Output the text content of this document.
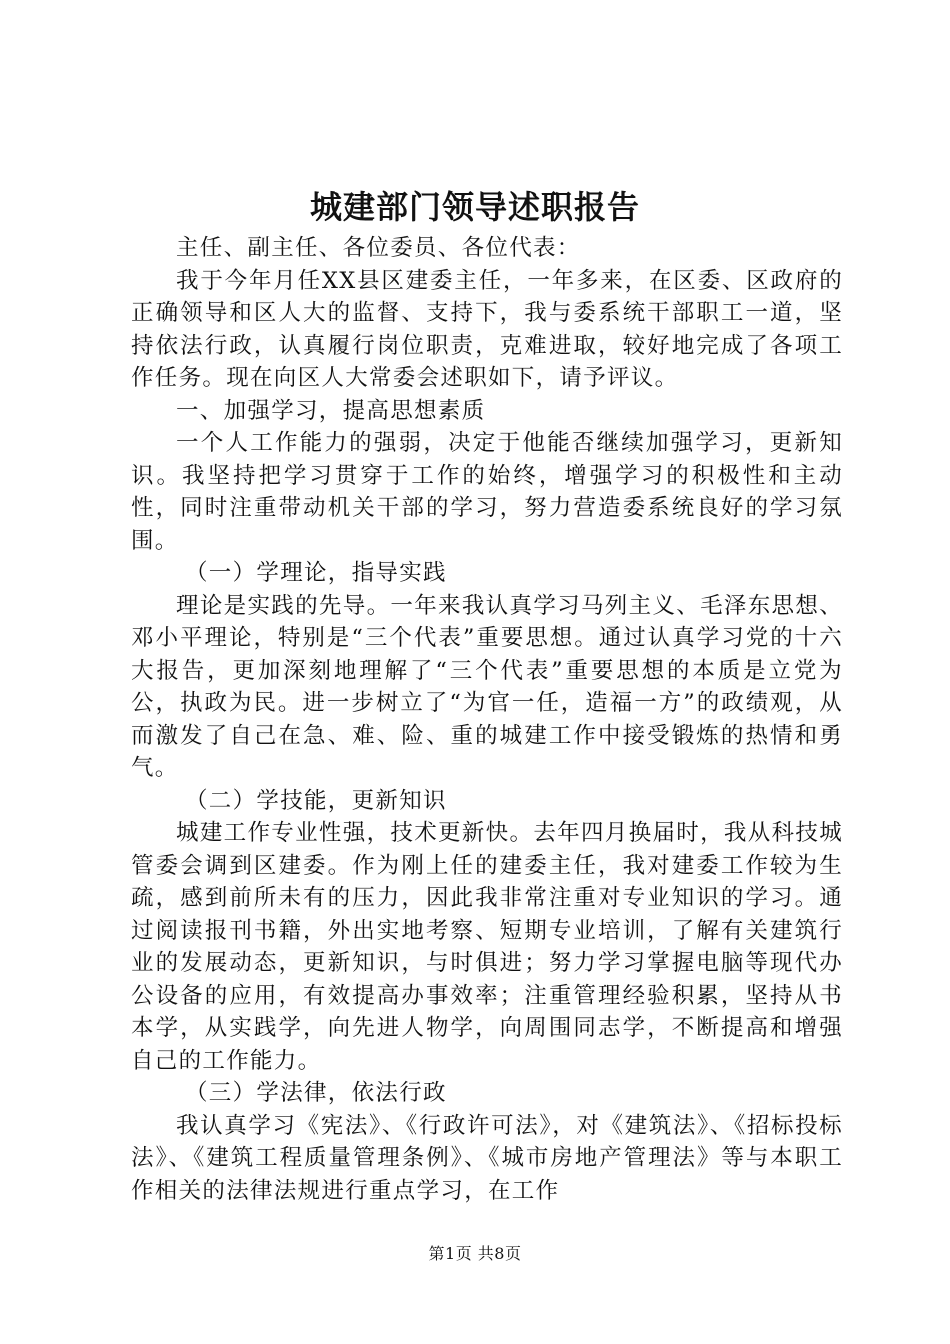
城建部门领导述职报告

主任、副主任、各位委员、各位代表：

我于今年月任XX县区建委主任，一年多来，在区委、区政府的正确领导和区人大的监督、支持下，我与委系统干部职工一道，坚持依法行政，认真履行岗位职责，克难进取，较好地完成了各项工作任务。现在向区人大常委会述职如下，请予评议。

一、加强学习，提高思想素质

一个人工作能力的强弱，决定于他能否继续加强学习，更新知识。我坚持把学习贯穿于工作的始终，增强学习的积极性和主动性，同时注重带动机关干部的学习，努力营造委系统良好的学习氛围。

（一）学理论，指导实践

理论是实践的先导。一年来我认真学习马列主义、毛泽东思想、邓小平理论，特别是“三个代表”重要思想。通过认真学习党的十六大报告，更加深刻地理解了“三个代表”重要思想的本质是立党为公，执政为民。进一步树立了“为官一任，造福一方”的政绩观，从而激发了自己在急、难、险、重的城建工作中接受锻炼的热情和勇气。

（二）学技能，更新知识

城建工作专业性强，技术更新快。去年四月换届时，我从科技城管委会调到区建委。作为刚上任的建委主任，我对建委工作较为生疏，感到前所未有的压力，因此我非常注重对专业知识的学习。通过阅读报刊书籍，外出实地考察、短期专业培训，了解有关建筑行业的发展动态，更新知识，与时俱进；努力学习掌握电脑等现代办公设备的应用，有效提高办事效率；注重管理经验积累，坚持从书本学，从实践学，向先进人物学，向周围同志学，不断提高和增强自己的工作能力。

（三）学法律，依法行政

我认真学习《宪法》、《行政许可法》，对《建筑法》、《招标投标法》、《建筑工程质量管理条例》、《城市房地产管理法》等与本职工作相关的法律法规进行重点学习，在工作

第1页 共8页
